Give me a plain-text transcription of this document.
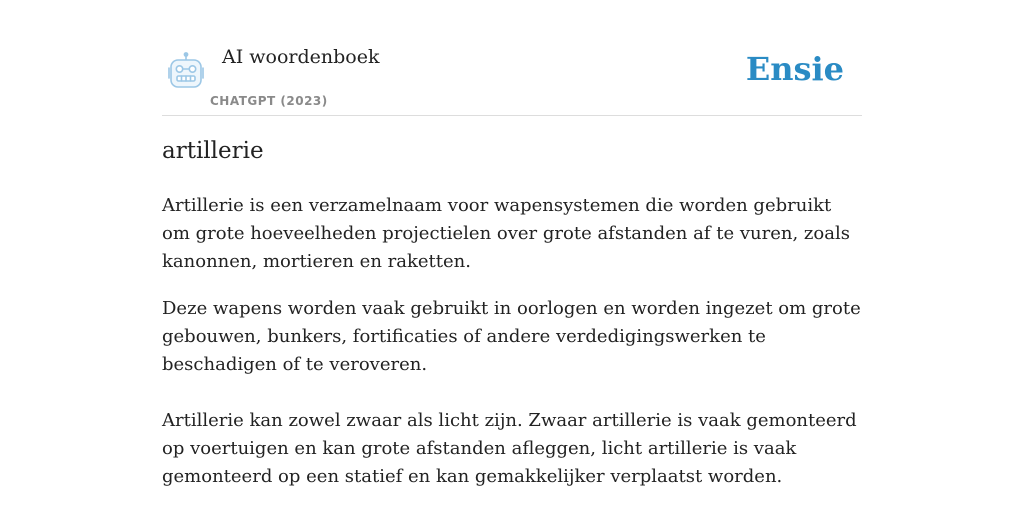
AI woordenboek
CHATGPT (2023)
Ensie
artillerie

Artillerie is een verzamelnaam voor wapensystemen die worden gebruikt om grote hoeveelheden projectielen over grote afstanden af te vuren, zoals kanonnen, mortieren en raketten.

Deze wapens worden vaak gebruikt in oorlogen en worden ingezet om grote gebouwen, bunkers, fortificaties of andere verdedigingswerken te beschadigen of te veroveren.

Artillerie kan zowel zwaar als licht zijn. Zwaar artillerie is vaak gemonteerd op voertuigen en kan grote afstanden afleggen, licht artillerie is vaak gemonteerd op een statief en kan gemakkelijker verplaatst worden.
